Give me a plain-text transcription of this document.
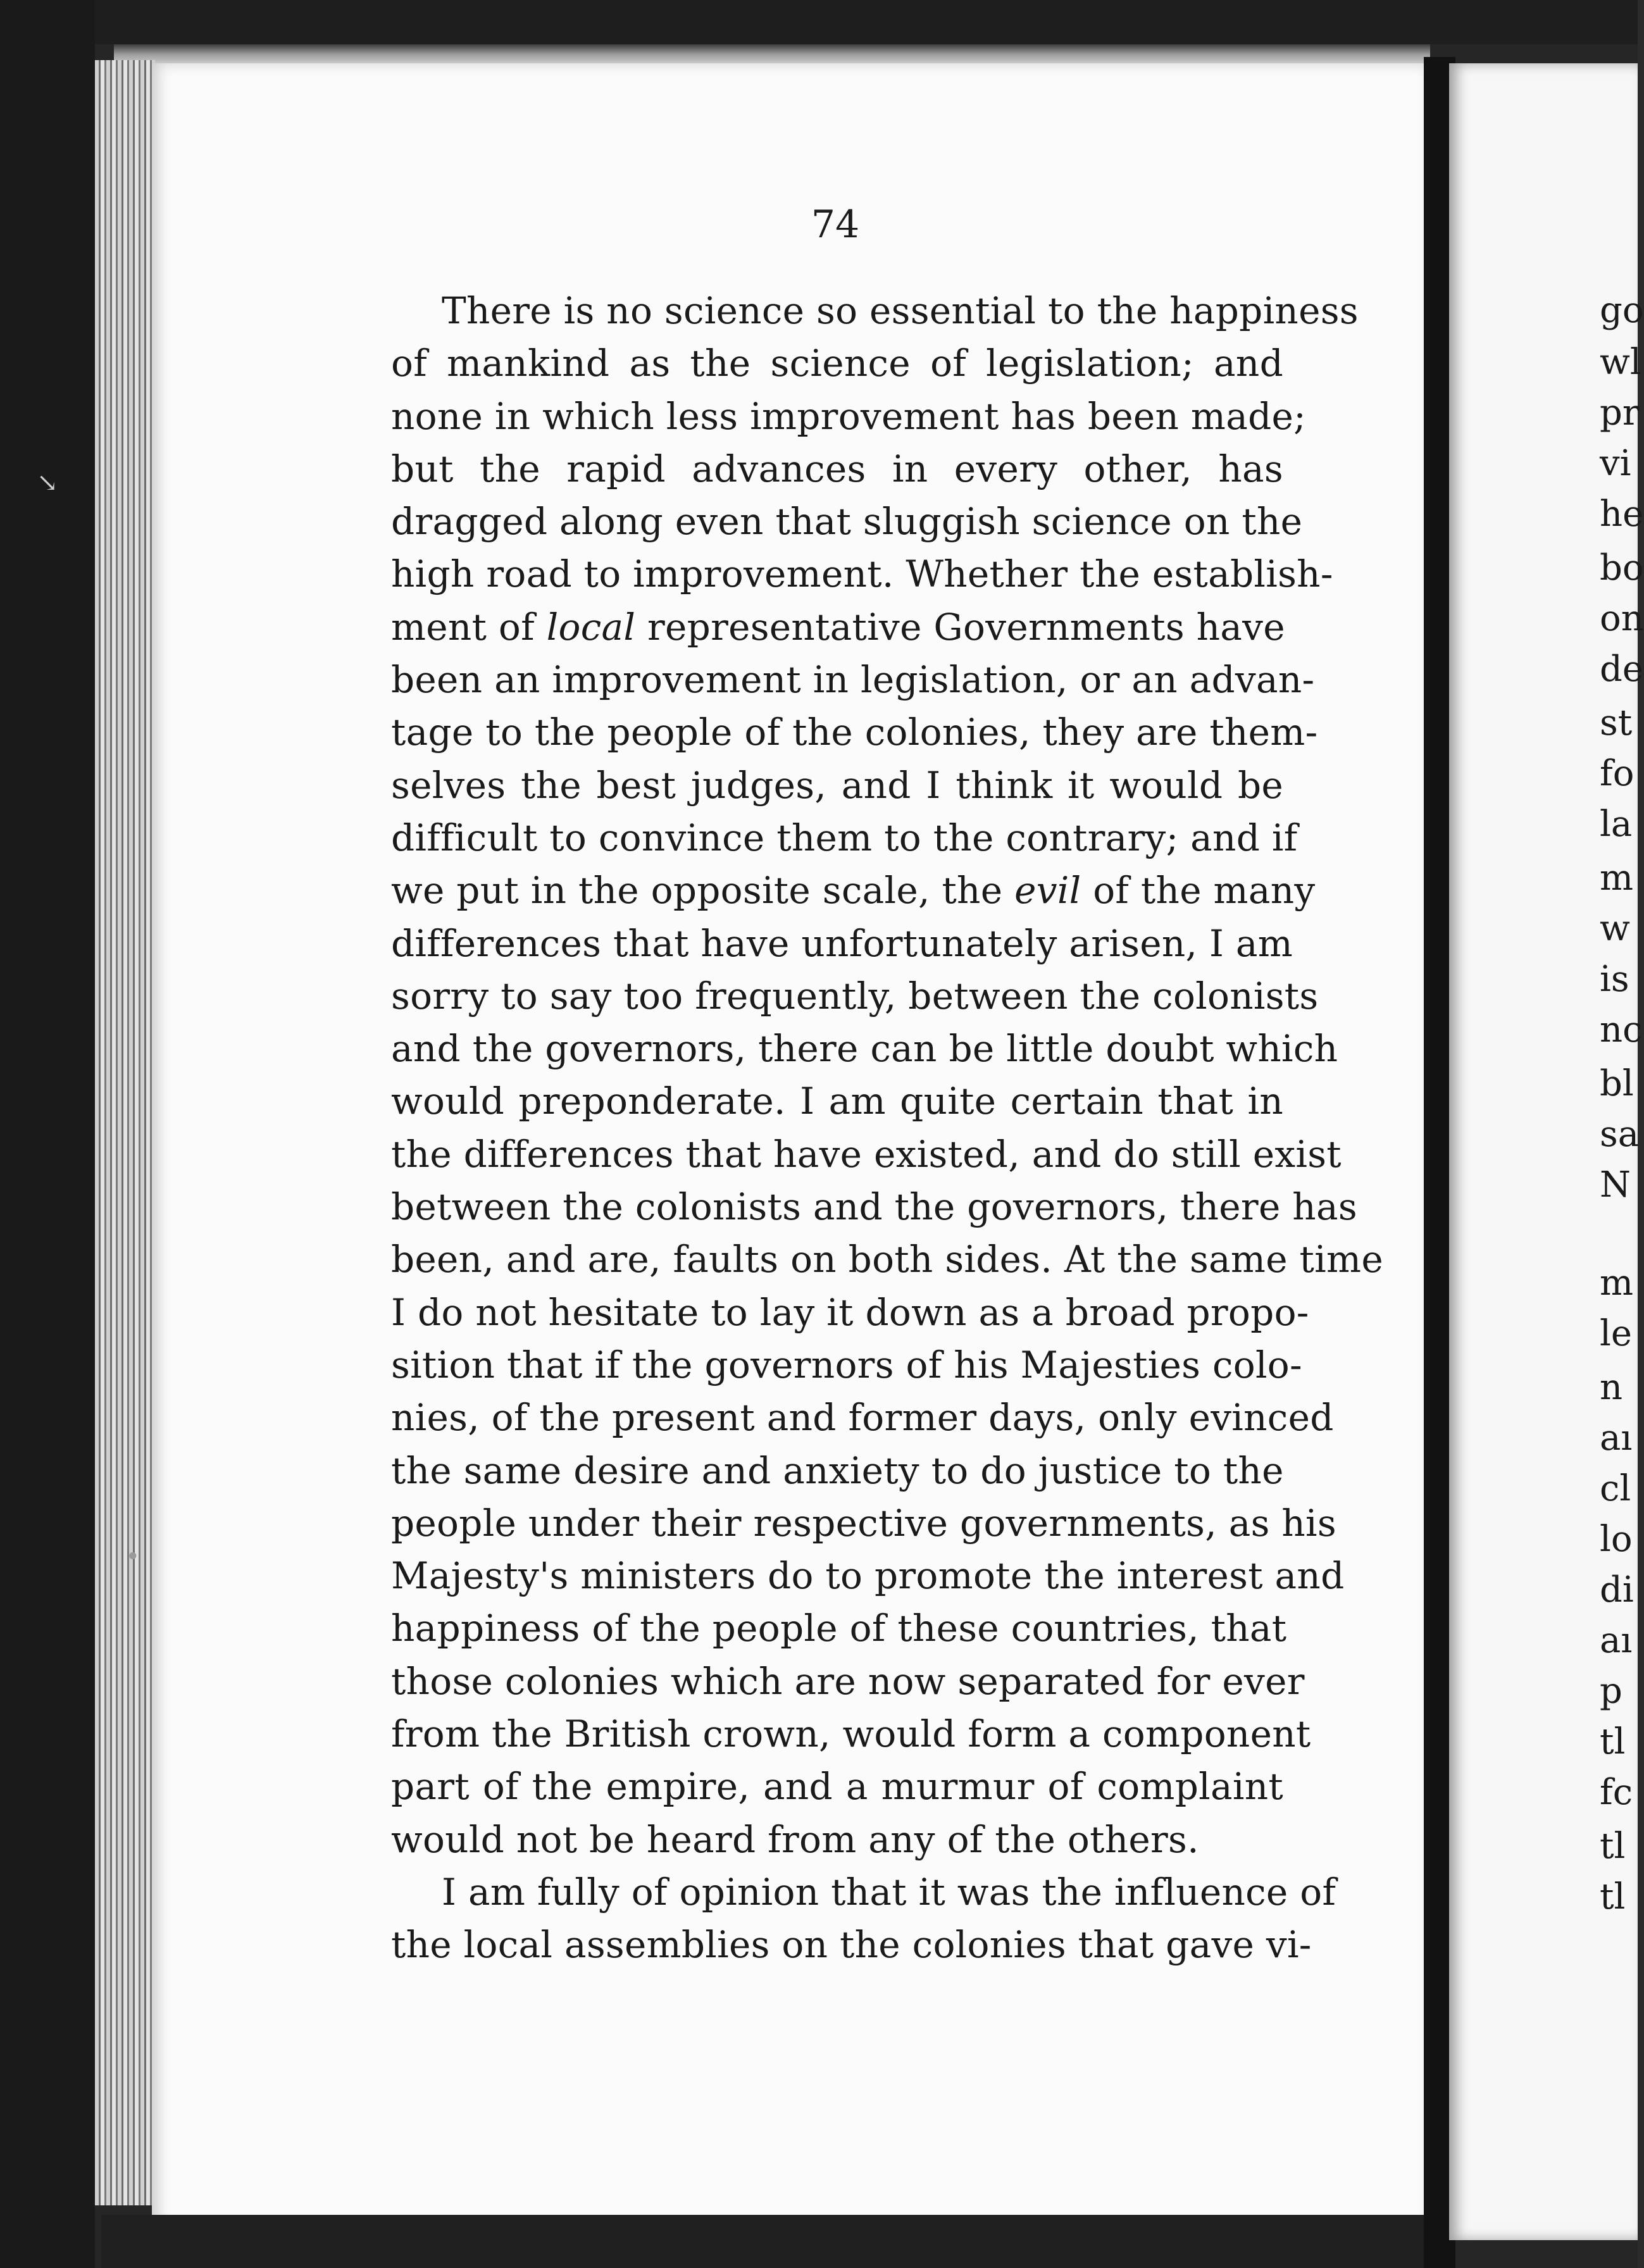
↘
∙
74
There is no science so essential to the happiness
of mankind as the science of legislation; and
none in which less improvement has been made;
but the rapid advances in every other, has
dragged along even that sluggish science on the
high road to improvement. Whether the establish-
ment of local representative Governments have
been an improvement in legislation, or an advan-
tage to the people of the colonies, they are them-
selves the best judges, and I think it would be
difficult to convince them to the contrary; and if
we put in the opposite scale, the evil of the many
differences that have unfortunately arisen, I am
sorry to say too frequently, between the colonists
and the governors, there can be little doubt which
would preponderate. I am quite certain that in
the differences that have existed, and do still exist
between the colonists and the governors, there has
been, and are, faults on both sides. At the same time
I do not hesitate to lay it down as a broad propo-
sition that if the governors of his Majesties colo-
nies, of the present and former days, only evinced
the same desire and anxiety to do justice to the
people under their respective governments, as his
Majesty's ministers do to promote the interest and
happiness of the people of these countries, that
those colonies which are now separated for ever
from the British crown, would form a component
part of the empire, and a murmur of complaint
would not be heard from any of the others.
I am fully of opinion that it was the influence of
the local assemblies on the colonies that gave vi-
go
wl
pr
vi
he
bo
on
de
st
fo
la
m
w
is
nc
bl
sa
N
m
le
n
aı
cl
lo
di
aı
p
tl
fc
tl
tl
